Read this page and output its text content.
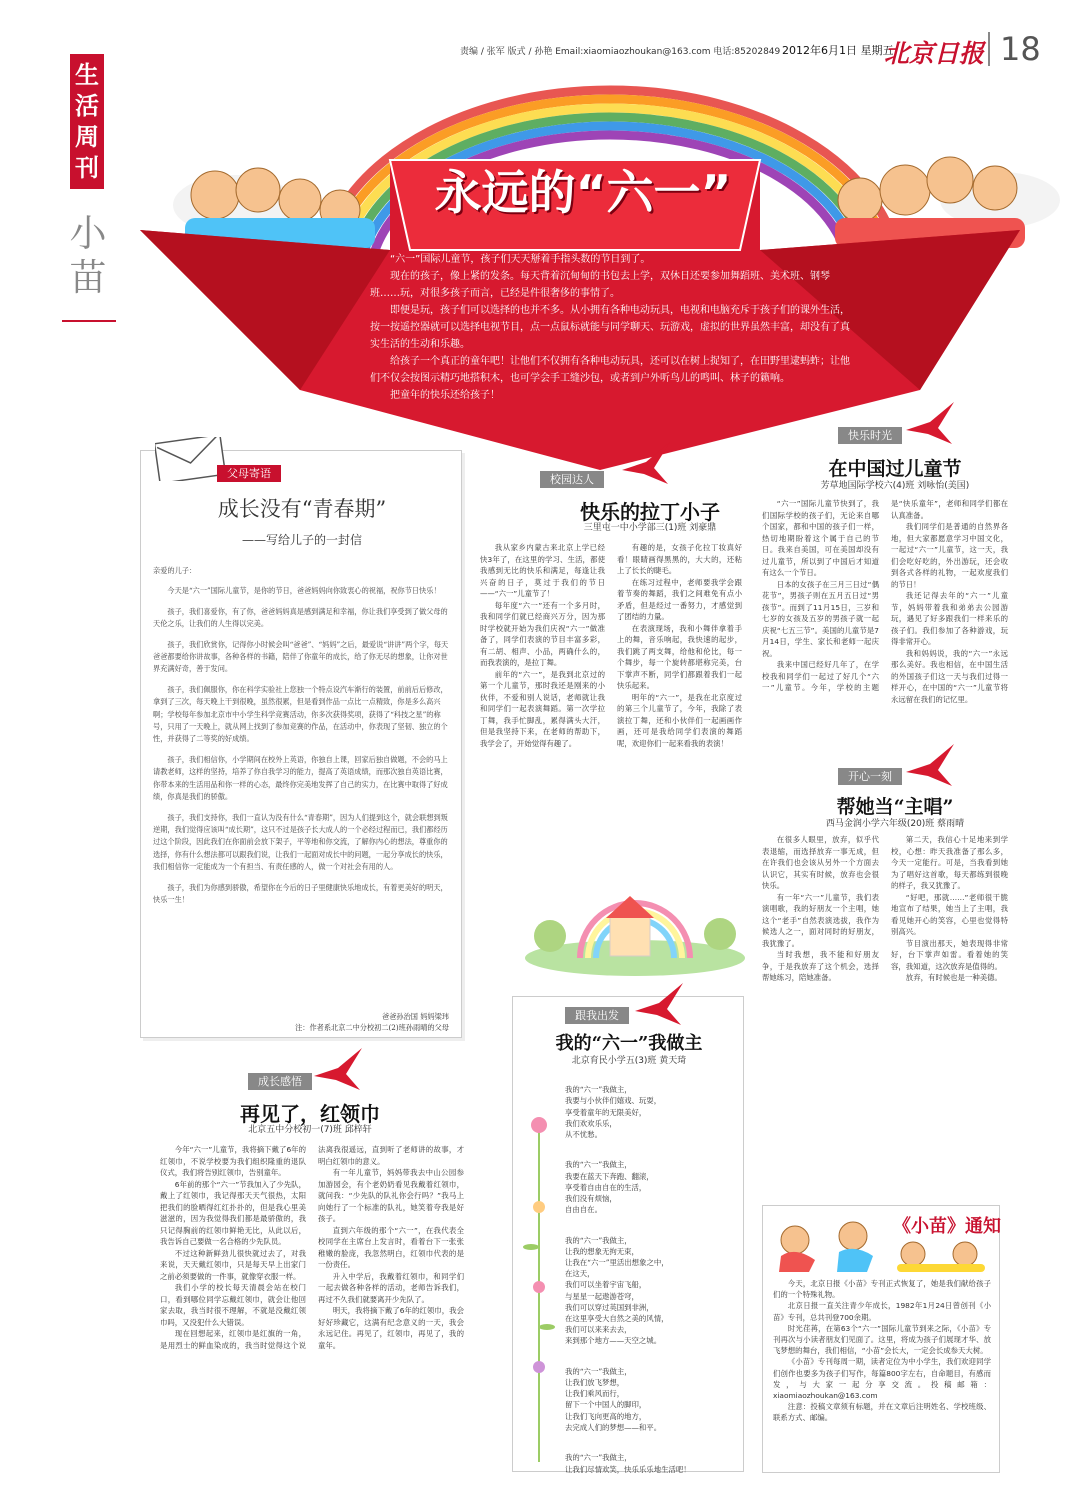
责编 / 张军 版式 / 孙艳 Email:xiaomiaozhoukan@163.com 电话:85202849 2012年6月1日 星期五
北京日报 18
生活周刊
小苗
永远的“六一”

“六一”国际儿童节，孩子们天天掰着手指头数的节日到了。

现在的孩子，像上紧的发条。每天背着沉甸甸的书包去上学，双休日还要参加舞蹈班、美术班、钢琴班……玩，对很多孩子而言，已经是件很奢侈的事情了。

即便是玩，孩子们可以选择的也并不多。从小拥有各种电动玩具，电视和电脑充斥于孩子们的课外生活，按一按遥控器就可以选择电视节目，点一点鼠标就能与同学聊天、玩游戏，虚拟的世界虽然丰富，却没有了真实生活的生动和乐趣。

给孩子一个真正的童年吧！让他们不仅拥有各种电动玩具，还可以在树上捉知了，在田野里逮蚂蚱；让他们不仅会按图示精巧地搭积木，也可学会手工缝沙包，或者到户外听鸟儿的鸣叫、林子的籁响。

把童年的快乐还给孩子！

父母寄语
成长没有“青春期”
——写给儿子的一封信
亲爱的儿子：

今天是“六一”国际儿童节，是你的节日，爸爸妈妈向你致衷心的祝福，祝你节日快乐！

孩子，我们喜爱你，有了你，爸爸妈妈真是感到满足和幸福，你让我们享受到了做父母的天伦之乐，让我们的人生得以完美。

孩子，我们欣赏你，记得你小时候会叫“爸爸”、“妈妈”之后，最爱说“讲讲”两个字，每天爸爸都要给你讲故事，各种各样的书籍，陪伴了你童年的成长，给了你无尽的想象，让你对世界充满好奇，善于发问。

孩子，我们佩服你，你在科学实验社上您独一个特点设汽车渐行的装置，前前后后修改，拿到了三次，每天晚上干到很晚，虽然很累，但是看到作品一点比一点精致，你是多么高兴啊；学校每年参加北京市中小学生科学竞赛活动，你多次获得奖项，获得了“科技之星”的称号，只用了一天晚上，就从网上找到了参加竞赛的作品，在活动中，你表现了坚韧、独立的个性，并获得了二等奖的好成绩。

孩子，我们相信你，小学期间在校外上英语，你独自上课，回家后独自做题，不会的马上请教老师，这样的坚持，培养了你自我学习的能力，提高了英语成绩，而那次独自英语比赛，你带本来的生活用品和你一样的心态，最终你完美地发挥了自己的实力，在比赛中取得了好成绩，你真是我们的骄傲。

孩子，我们支持你，我们一直认为没有什么“青春期”，因为人们提到这个，就会联想到叛逆期，我们觉得应该叫“成长期”，这只不过是孩子长大成人的一个必经过程而已，我们都经历过这个阶段，因此我们在你面前会放下架子，平等地和你交流，了解你内心的想法，尊重你的选择，你有什么想法都可以跟我们说，让我们一起面对成长中的问题，一起分享成长的快乐，我们相信你一定能成为一个有担当、有责任感的人，做一个对社会有用的人。

孩子，我们为你感到骄傲，希望你在今后的日子里健康快乐地成长，有着更美好的明天，快乐一生！

爸爸孙治国 妈妈梁玮
注：作者系北京二中分校初二(2)班孙雨晴的父母
校园达人
快乐的拉丁小子
三里屯一中小学部三(1)班 刘豪鼎

我从家乡内蒙古来北京上学已经快3年了，在这里的学习、生活，都使我感到无比的快乐和满足，每逢让我兴奋的日子，莫过于我们的节日——“六一”儿童节了！

每年度“六一”还有一个多月时，我和同学们就已经商兴万分，因为那时学校就开始为我们庆祝“六一”做准备了，同学们表演的节目丰富多彩，有二胡、相声、小品，两确什么的，而我表演的，是拉丁舞。

前年的“六一”，是我到北京过的第一个儿童节，那时我还是刚来的小伙伴，不爱和别人说话，老师就让我和同学们一起表演舞蹈。第一次学拉丁舞，我手忙脚乱，累得满头大汗，但是我坚持下来，在老师的帮助下，我学会了，开始觉得有趣了。

有趣的是，女孩子化拉丁妆真好看！眼睛画得黑黑的，大大的，还粘上了长长的睫毛。

在练习过程中，老师要我学会跟着节奏的舞蹈，我们之间难免有点小矛盾，但是经过一番努力，才感觉到了团结的力量。

在表演现场，我和小舞伴拿着手上的舞，音乐响起，我快速的起步，我们跳了两支舞，给他和伦比，每一个舞步，每一个旋转都堪称完美，台下掌声不断，同学们都跟着我们一起快乐起来。

明年的“六一”，是我在北京度过的第三个儿童节了，今年，我除了表演拉丁舞，还和小伙伴们一起画画作画，还可是我给同学们表演的舞蹈呢，欢迎你们一起来看我的表演！

快乐时光
在中国过儿童节
芳草地国际学校六(4)班 刘咏怡(美国)

“六一”国际儿童节快到了，我们国际学校的孩子们，无论来自哪个国家，都和中国的孩子们一样，热切地期盼着这个属于自己的节日。我来自美国，可在美国却没有过儿童节，所以到了中国后才知道有这么一个节日。

日本的女孩子在三月三日过“偶花节”，男孩子则在五月五日过“男孩节”。而到了11月15日，三岁和七岁的女孩及五岁的男孩子就一起庆祝“七五三节”。美国的儿童节是7月14日，学生、家长和老师一起庆祝。

我来中国已经好几年了，在学校我和同学们一起过了好几个“六一”儿童节。今年，学校的主题是“快乐童年”，老师和同学们都在认真准备。

我们同学们是普通的自然界各地，但大家都愿意学习中国文化，一起过“六一”儿童节，这一天，我们会吃好吃的，外出游玩，还会收到各式各样的礼物，一起欢度我们的节日！

我还记得去年的“六一”儿童节，妈妈带着我和弟弟去公园游玩，遇见了好多跟我们一样来乐的孩子们。我们参加了各种游戏，玩得非常开心。

我和妈妈说，我的“六一”永远那么美好。我也相信，在中国生活的外国孩子们这一天与我们过得一样开心，在中国的“六一”儿童节将永远留在我们的记忆里。

开心一刻
帮她当“主唱”
西马金润小学六年级(20)班 蔡雨晴

在很多人眼里，放弃，似乎代表退缩，而选择放弃一事无成，但在许我们也会该从另外一个方面去认识它，其实有时候，放弃也会很快乐。

有一年“六一”儿童节，我们表演唱歌，我的好朋友一个主唱，她这个“老手”自然表演选拔，我作为候选人之一，面对同时的好朋友，我犹豫了。

当时我想，我不能和好朋友争，于是我放弃了这个机会，选择帮她练习，陪她准备。

第二天，我信心十足地来到学校，心想：昨天我准备了那么多，今天一定能行。可是，当我看到她为了唱好这首歌，每天都练到很晚的样子，我又犹豫了。

“好吧，那就……”老师很干脆地宣布了结果，她当上了主唱，我看见她开心的笑容，心里也觉得特别高兴。

节目演出那天，她表现得非常好，台下掌声如雷。看着她的笑容，我知道，这次放弃是值得的。

放弃，有时候也是一种美德。

成长感悟
再见了，红领巾
北京五中分校初一(7)班 邱梓轩

今年“六一”儿童节，我将摘下戴了6年的红领巾，不说学校要为我们组织隆重的退队仪式，我们将告别红领巾，告别童年。

6年前的那个“六一”节我加入了少先队，戴上了红领巾，我记得那天天气很热，太阳把我们的脸晒得红红扑扑的，但是我心里美滋滋的，因为我觉得我们都是最骄傲的，我只记得胸前的红领巾鲜艳无比，从此以后，我告诉自己要做一名合格的少先队员。

不过这种新鲜劲儿很快就过去了，对我来说，天天戴红领巾，只是每天早上出家门之前必须要做的一件事，就像穿衣服一样。

我们小学的校长每天清晨会站在校门口，看到哪位同学忘戴红领巾，就会让他回家去取，我当时很不理解，不就是没戴红领巾吗，又没犯什么大错误。

现在回想起来，红领巾是红旗的一角，是用烈士的鲜血染成的，我当时觉得这个说法离我很遥远，直到听了老师讲的故事，才明白红领巾的意义。

有一年儿童节，妈妈带我去中山公园参加游园会，有个老奶奶看见我戴着红领巾，就问我：“少先队的队礼你会行吗？”我马上向她行了一个标准的队礼，她笑着夸我是好孩子。

直到六年级的那个“六一”，在我代表全校同学在主席台上发言时，看着台下一张张稚嫩的脸庞，我忽然明白，红领巾代表的是一份责任。

升入中学后，我戴着红领巾，和同学们一起去做各种各样的活动，老师告诉我们，再过不久我们就要离开少先队了。

明天，我将摘下戴了6年的红领巾，我会好好珍藏它，这满有纪念意义的一天，我会永远记住。再见了，红领巾，再见了，我的童年。

跟我出发
我的“六一”我做主
北京育民小学五(3)班 黄天琦

我的“六一”我做主，
我要与小伙伴们嬉戏、玩耍，
享受着童年的无限美好，
我们欢欢乐乐，
从不忧愁。

我的“六一”我做主，
我要在蓝天下奔跑、翻滚，
享受着自由自在的生活，
我们没有烦恼，
自由自在。

我的“六一”我做主，
让我的想象无拘无束，
让我在“六一”里活出想象之中，
在这天，
我们可以坐着宇宙飞船，
与星星一起遨游苍穹，
我们可以穿过英国到非洲，
在这里享受大自然之美的风情，
我们可以来来去去，
来到那个地方——天空之城。

我的“六一”我做主，
让我们放飞梦想，
让我们乘风而行，
留下一个中国人的脚印，
让我们飞向更高的地方，
去完成人们的梦想——和平。

我的“六一”我做主，
让我们尽情欢笑，快乐乐乐地生活吧！

《小苗》通知

今天，北京日报《小苗》专刊正式恢复了，她是我们献给孩子们的一个特殊礼物。

北京日报一直关注青少年成长，1982年1月24日曾创刊《小苗》专刊，总共刊登700余期。

时光荏苒，在第63个“六一”国际儿童节到来之际，《小苗》专刊再次与小读者朋友们见面了。这里，将成为孩子们展现才华、放飞梦想的舞台，我们相信，“小苗”会长大，一定会长成参天大树。

《小苗》专刊每周一期，读者定位为中小学生，我们欢迎同学们创作也要多为孩子们写作，每篇800字左右，自命题目，有感而发，与大家一起分享交流。投稿邮箱：xiaomiaozhoukan@163.com

注意：投稿文章须有标题，并在文章后注明姓名、学校班级、联系方式、邮编。
